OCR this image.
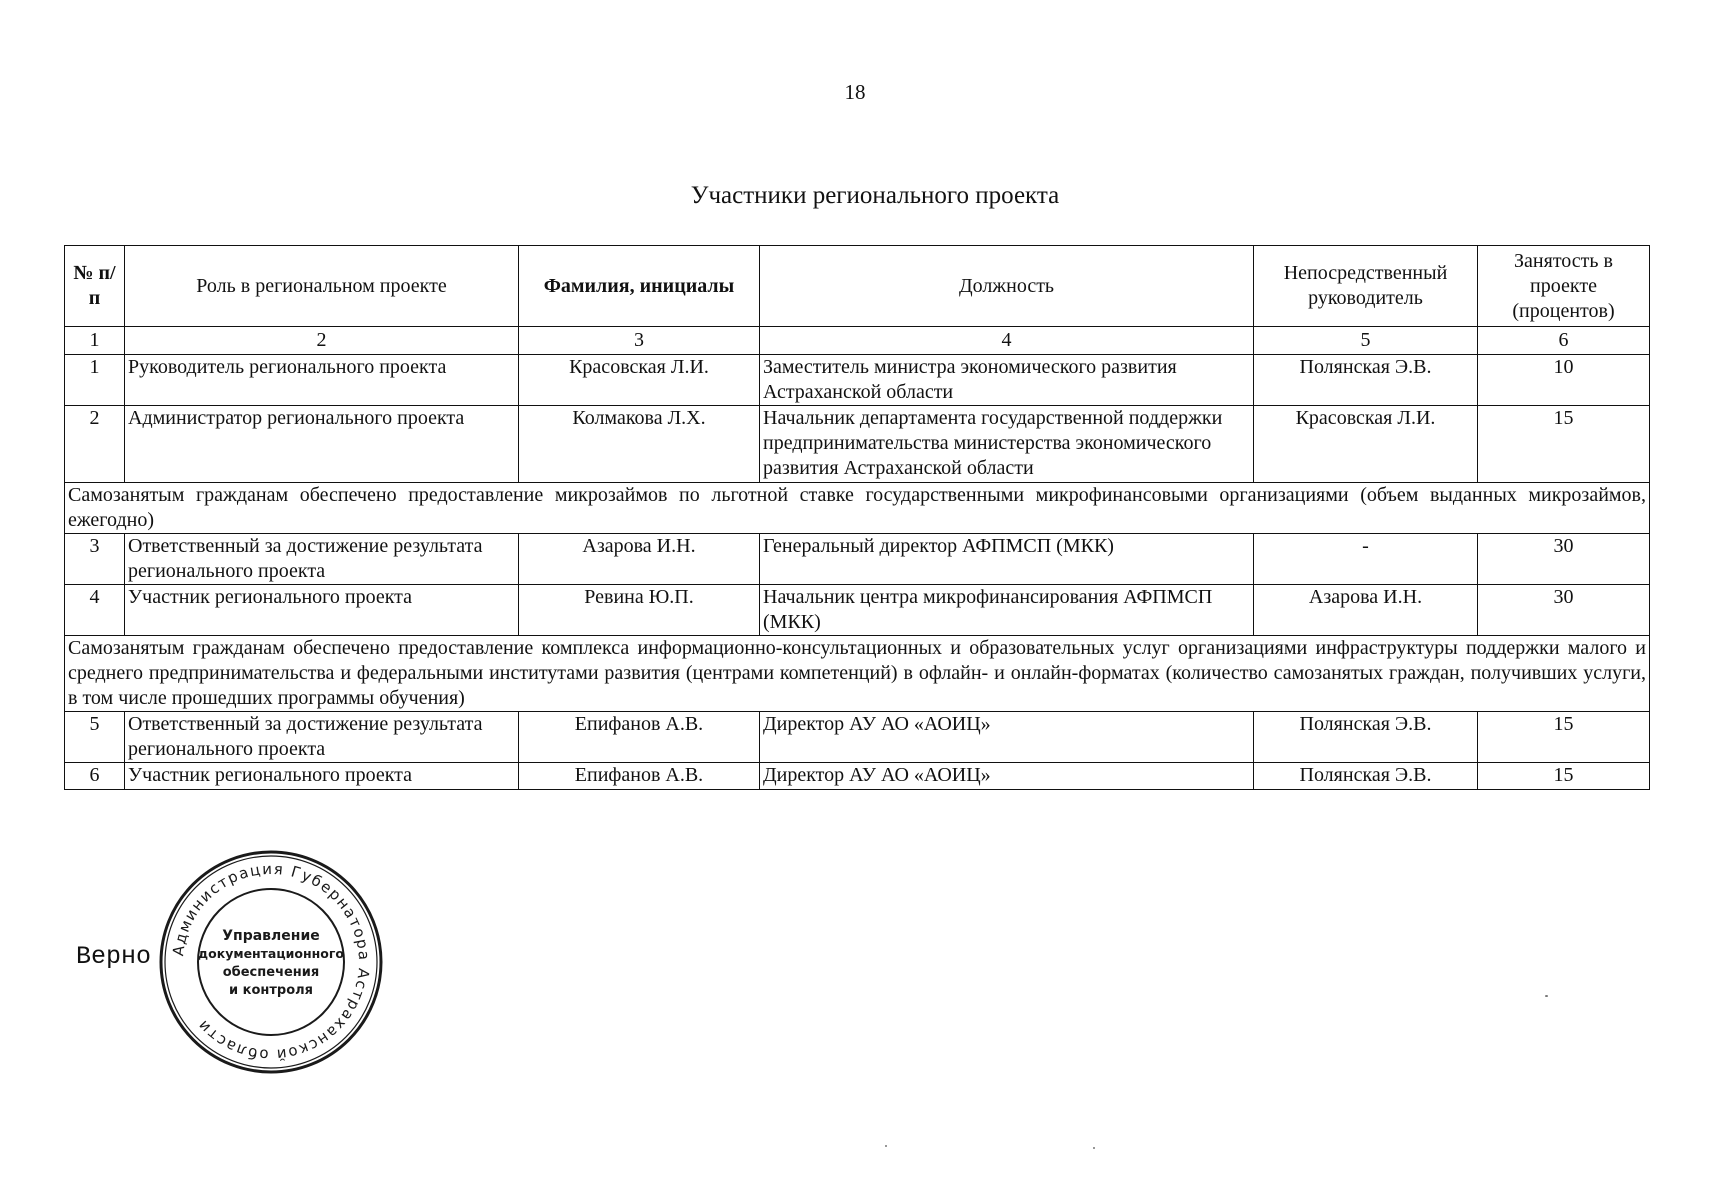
18
Участники регионального проекта
№ п/п	Роль в региональном проекте	Фамилия, инициалы	Должность	Непосредственный руководитель	Занятость в проекте (процентов)
1	2	3	4	5	6
1	Руководитель регионального проекта	Красовская Л.И.	Заместитель министра экономического развития Астраханской области	Полянская Э.В.	10
2	Администратор регионального проекта	Колмакова Л.Х.	Начальник департамента государственной поддержки предпринимательства министерства экономического развития Астраханской области	Красовская Л.И.	15
Самозанятым гражданам обеспечено предоставление микрозаймов по льготной ставке государственными микрофинансовыми организациями (объем выданных микрозаймов, ежегодно)					
3	Ответственный за достижение результата регионального проекта	Азарова И.Н.	Генеральный директор АФПМСП (МКК)	-	30
4	Участник регионального проекта	Ревина Ю.П.	Начальник центра микрофинансирования АФПМСП (МКК)	Азарова И.Н.	30
Самозанятым гражданам обеспечено предоставление комплекса информационно-консультационных и образовательных услуг организациями инфраструктуры поддержки малого и среднего предпринимательства и федеральными институтами развития (центрами компетенций) в офлайн- и онлайн-форматах (количество самозанятых граждан, получивших услуги, в том числе прошедших программы обучения)					
5	Ответственный за достижение результата регионального проекта	Епифанов А.В.	Директор АУ АО «АОИЦ»	Полянская Э.В.	15
6	Участник регионального проекта	Епифанов А.В.	Директор АУ АО «АОИЦ»	Полянская Э.В.	15
Верно Администрация Губернатора Астраханской области
Управление
документационного
обеспечения
и контроля
